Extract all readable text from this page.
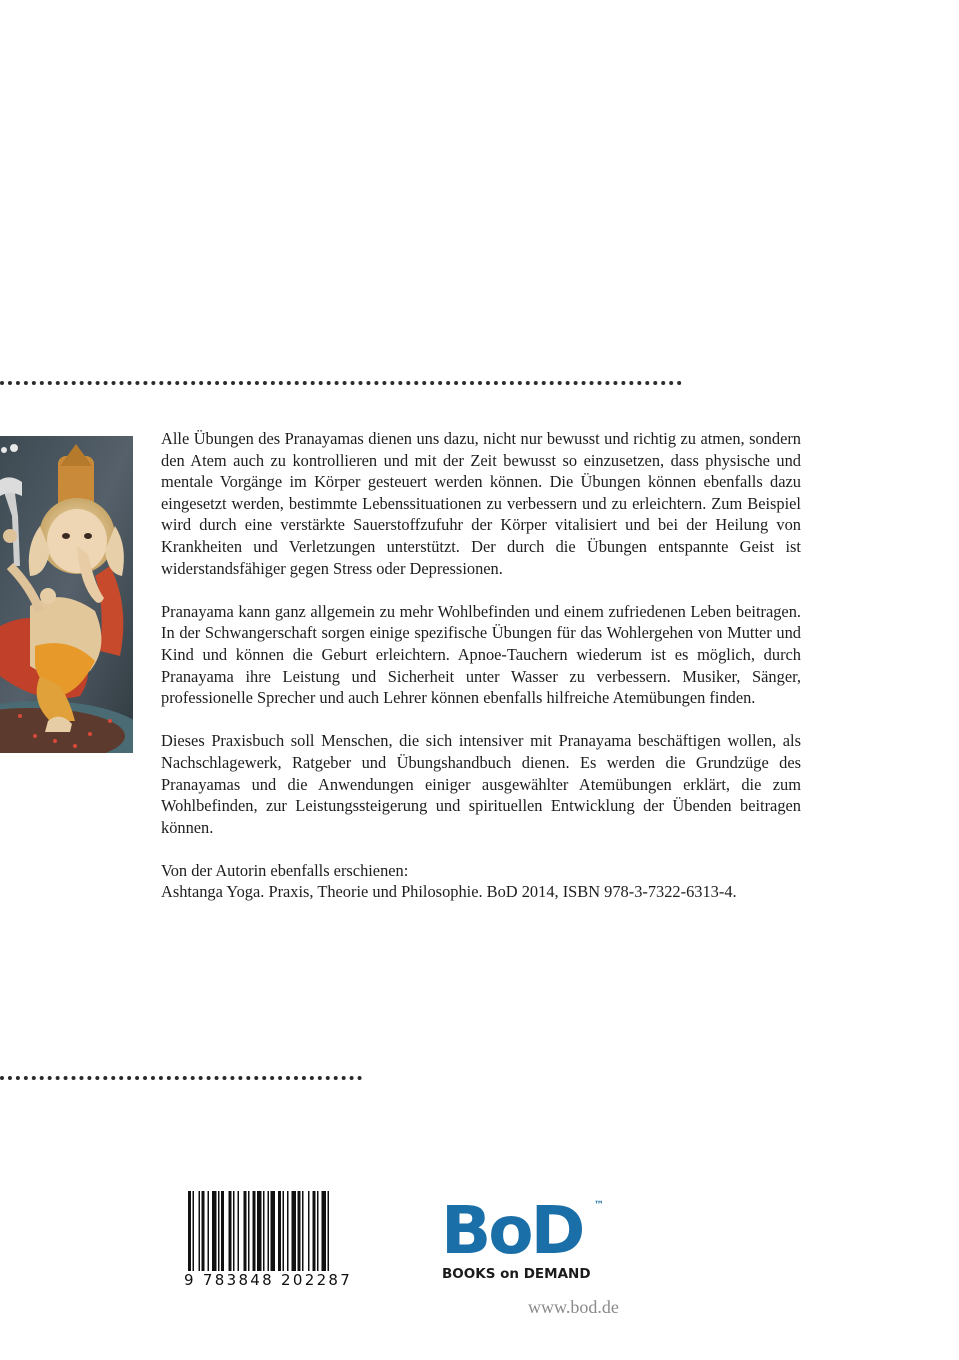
Alle Übungen des Pranayamas dienen uns dazu, nicht nur bewusst und richtig zu atmen, sondern den Atem auch zu kontrollieren und mit der Zeit bewusst so einzusetzen, dass physische und mentale Vorgänge im Körper gesteuert werden können. Die Übungen können ebenfalls dazu eingesetzt werden, bestimmte Lebenssituationen zu verbessern und zu erleichtern. Zum Beispiel wird durch eine verstärkte Sauerstoffzufuhr der Körper vitalisiert und bei der Heilung von Krankheiten und Verletzungen unterstützt. Der durch die Übungen entspannte Geist ist widerstandsfähiger gegen Stress oder Depressionen.

Pranayama kann ganz allgemein zu mehr Wohlbefinden und einem zufriedenen Leben beitragen. In der Schwangerschaft sorgen einige spezifische Übungen für das Wohlergehen von Mutter und Kind und können die Geburt erleichtern. Apnoe-Tauchern wiederum ist es möglich, durch Pranayama ihre Leistung und Sicherheit unter Wasser zu verbessern. Musiker, Sänger, professionelle Sprecher und auch Lehrer können ebenfalls hilfreiche Atemübungen finden.

Dieses Praxisbuch soll Menschen, die sich intensiver mit Pranayama beschäftigen wollen, als Nachschlagewerk, Ratgeber und Übungshandbuch dienen. Es werden die Grundzüge des Pranayamas und die Anwendungen einiger ausgewählter Atemübungen erklärt, die zum Wohlbefinden, zur Leistungssteigerung und spirituellen Entwicklung der Übenden beitragen können.

Von der Autorin ebenfalls erschienen:

Ashtanga Yoga. Praxis, Theorie und Philosophie. BoD 2014, ISBN 978-3-7322-6313-4.

9 783848 202287
BoD	™
BOOKS on DEMAND
www.bod.de
